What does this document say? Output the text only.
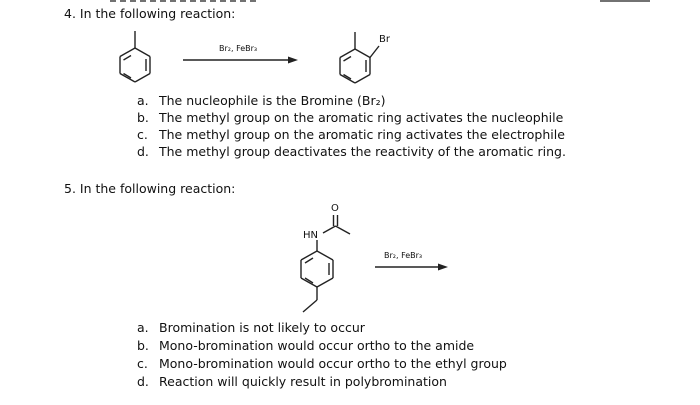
4. In the following reaction:
Br₂, FeBr₃
Br
a. The nucleophile is the Bromine (Br₂)
b. The methyl group on the aromatic ring activates the nucleophile
c. The methyl group on the aromatic ring activates the electrophile
d. The methyl group deactivates the reactivity of the aromatic ring.
5. In the following reaction:
O
HN
Br₂, FeBr₃
a. Bromination is not likely to occur
b. Mono-bromination would occur ortho to the amide
c. Mono-bromination would occur ortho to the ethyl group
d. Reaction will quickly result in polybromination
